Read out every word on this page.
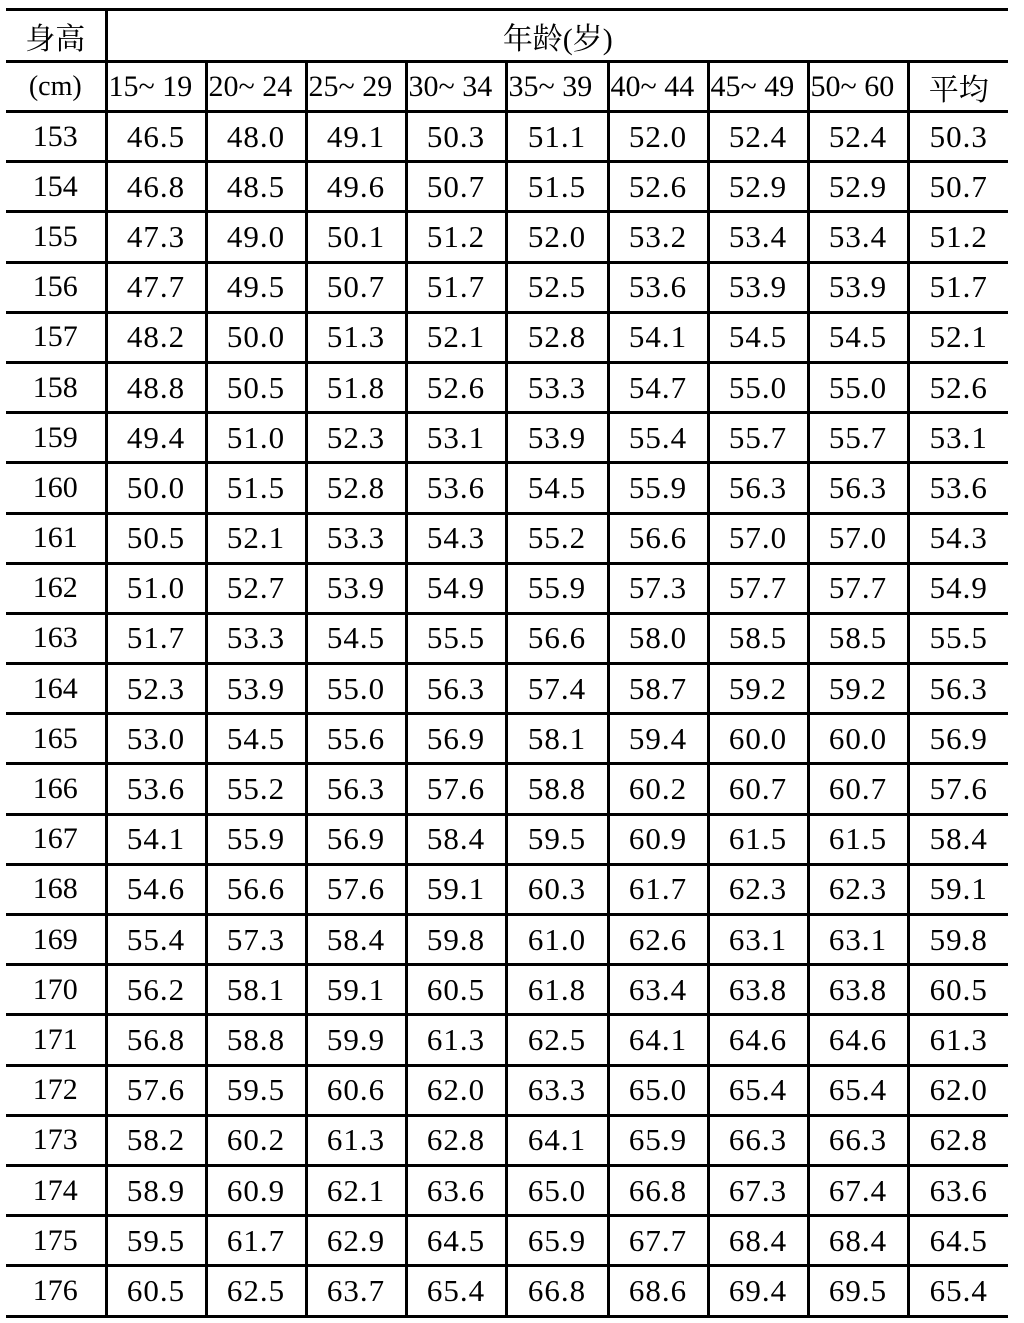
身高	年龄(岁)								
(cm)	15~ 19	20~ 24	25~ 29	30~ 34	35~ 39	40~ 44	45~ 49	50~ 60	平均
153	46.5	48.0	49.1	50.3	51.1	52.0	52.4	52.4	50.3
154	46.8	48.5	49.6	50.7	51.5	52.6	52.9	52.9	50.7
155	47.3	49.0	50.1	51.2	52.0	53.2	53.4	53.4	51.2
156	47.7	49.5	50.7	51.7	52.5	53.6	53.9	53.9	51.7
157	48.2	50.0	51.3	52.1	52.8	54.1	54.5	54.5	52.1
158	48.8	50.5	51.8	52.6	53.3	54.7	55.0	55.0	52.6
159	49.4	51.0	52.3	53.1	53.9	55.4	55.7	55.7	53.1
160	50.0	51.5	52.8	53.6	54.5	55.9	56.3	56.3	53.6
161	50.5	52.1	53.3	54.3	55.2	56.6	57.0	57.0	54.3
162	51.0	52.7	53.9	54.9	55.9	57.3	57.7	57.7	54.9
163	51.7	53.3	54.5	55.5	56.6	58.0	58.5	58.5	55.5
164	52.3	53.9	55.0	56.3	57.4	58.7	59.2	59.2	56.3
165	53.0	54.5	55.6	56.9	58.1	59.4	60.0	60.0	56.9
166	53.6	55.2	56.3	57.6	58.8	60.2	60.7	60.7	57.6
167	54.1	55.9	56.9	58.4	59.5	60.9	61.5	61.5	58.4
168	54.6	56.6	57.6	59.1	60.3	61.7	62.3	62.3	59.1
169	55.4	57.3	58.4	59.8	61.0	62.6	63.1	63.1	59.8
170	56.2	58.1	59.1	60.5	61.8	63.4	63.8	63.8	60.5
171	56.8	58.8	59.9	61.3	62.5	64.1	64.6	64.6	61.3
172	57.6	59.5	60.6	62.0	63.3	65.0	65.4	65.4	62.0
173	58.2	60.2	61.3	62.8	64.1	65.9	66.3	66.3	62.8
174	58.9	60.9	62.1	63.6	65.0	66.8	67.3	67.4	63.6
175	59.5	61.7	62.9	64.5	65.9	67.7	68.4	68.4	64.5
176	60.5	62.5	63.7	65.4	66.8	68.6	69.4	69.5	65.4
